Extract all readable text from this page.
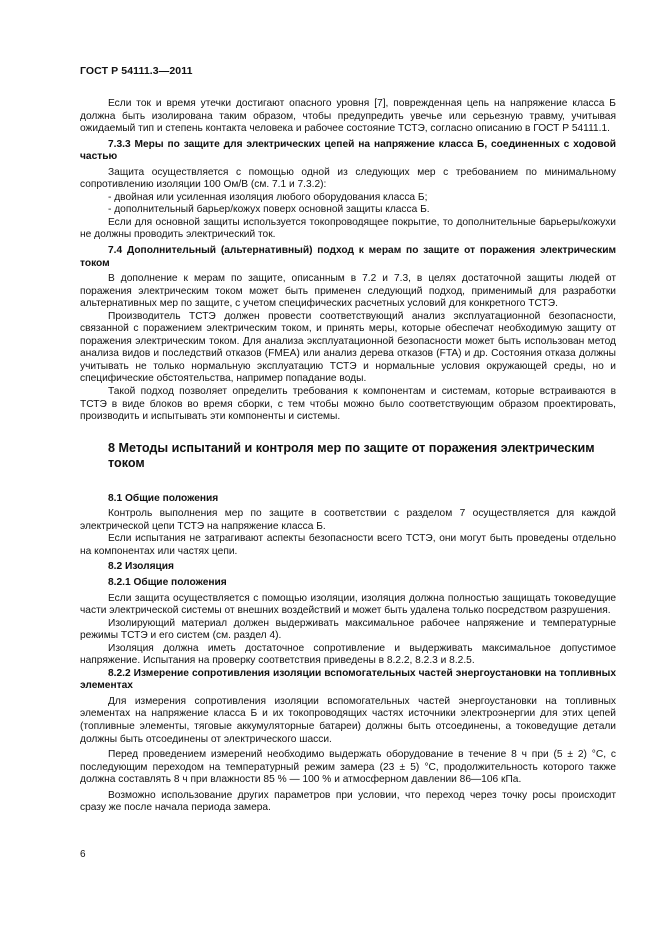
ГОСТ Р 54111.3—2011

Если ток и время утечки достигают опасного уровня [7], поврежденная цепь на напряжение класса Б должна быть изолирована таким образом, чтобы предупредить увечье или серьезную травму, учитывая ожидаемый тип и степень контакта человека и рабочее состояние ТСТЭ, согласно описанию в ГОСТ Р 54111.1.

7.3.3 Меры по защите для электрических цепей на напряжение класса Б, соединенных с ходовой частью

Защита осуществляется с помощью одной из следующих мер с требованием по минимальному сопротивлению изоляции 100 Ом/В (см. 7.1 и 7.3.2):

- двойная или усиленная изоляция любого оборудования класса Б;

- дополнительный барьер/кожух поверх основной защиты класса Б.

Если для основной защиты используется токопроводящее покрытие, то дополнительные барьеры/кожухи не должны проводить электрический ток.

7.4 Дополнительный (альтернативный) подход к мерам по защите от поражения электрическим током

В дополнение к мерам по защите, описанным в 7.2 и 7.3, в целях достаточной защиты людей от поражения электрическим током может быть применен следующий подход, применимый для разработки альтернативных мер по защите, с учетом специфических расчетных условий для конкретного ТСТЭ.

Производитель ТСТЭ должен провести соответствующий анализ эксплуатационной безопасности, связанной с поражением электрическим током, и принять меры, которые обеспечат необходимую защиту от поражения электрическим током. Для анализа эксплуатационной безопасности может быть использован метод анализа видов и последствий отказов (FMEA) или анализ дерева отказов (FTA) и др. Состояния отказа должны учитывать не только нормальную эксплуатацию ТСТЭ и нормальные условия окружающей среды, но и специфические обстоятельства, например попадание воды.

Такой подход позволяет определить требования к компонентам и системам, которые встраиваются в ТСТЭ в виде блоков во время сборки, с тем чтобы можно было соответствующим образом проектировать, производить и испытывать эти компоненты и системы.

8 Методы испытаний и контроля мер по защите от поражения электрическим током

8.1 Общие положения

Контроль выполнения мер по защите в соответствии с разделом 7 осуществляется для каждой электрической цепи ТСТЭ на напряжение класса Б.

Если испытания не затрагивают аспекты безопасности всего ТСТЭ, они могут быть проведены отдельно на компонентах или частях цепи.

8.2 Изоляция

8.2.1 Общие положения

Если защита осуществляется с помощью изоляции, изоляция должна полностью защищать токоведущие части электрической системы от внешних воздействий и может быть удалена только посредством разрушения.

Изолирующий материал должен выдерживать максимальное рабочее напряжение и температурные режимы ТСТЭ и его систем (см. раздел 4).

Изоляция должна иметь достаточное сопротивление и выдерживать максимальное допустимое напряжение. Испытания на проверку соответствия приведены в 8.2.2, 8.2.3 и 8.2.5.

8.2.2 Измерение сопротивления изоляции вспомогательных частей энергоустановки на топливных элементах

Для измерения сопротивления изоляции вспомогательных частей энергоустановки на топливных элементах на напряжение класса Б и их токопроводящих частях источники электроэнергии для этих цепей (топливные элементы, тяговые аккумуляторные батареи) должны быть отсоединены, а токоведущие детали должны быть отсоединены от электрического шасси.

Перед проведением измерений необходимо выдержать оборудование в течение 8 ч при (5 ± 2) °С, с последующим переходом на температурный режим замера (23 ± 5) °С, продолжительность которого также должна составлять 8 ч при влажности 85 % — 100 % и атмосферном давлении 86—106 кПа.

Возможно использование других параметров при условии, что переход через точку росы происходит сразу же после начала периода замера.

6
